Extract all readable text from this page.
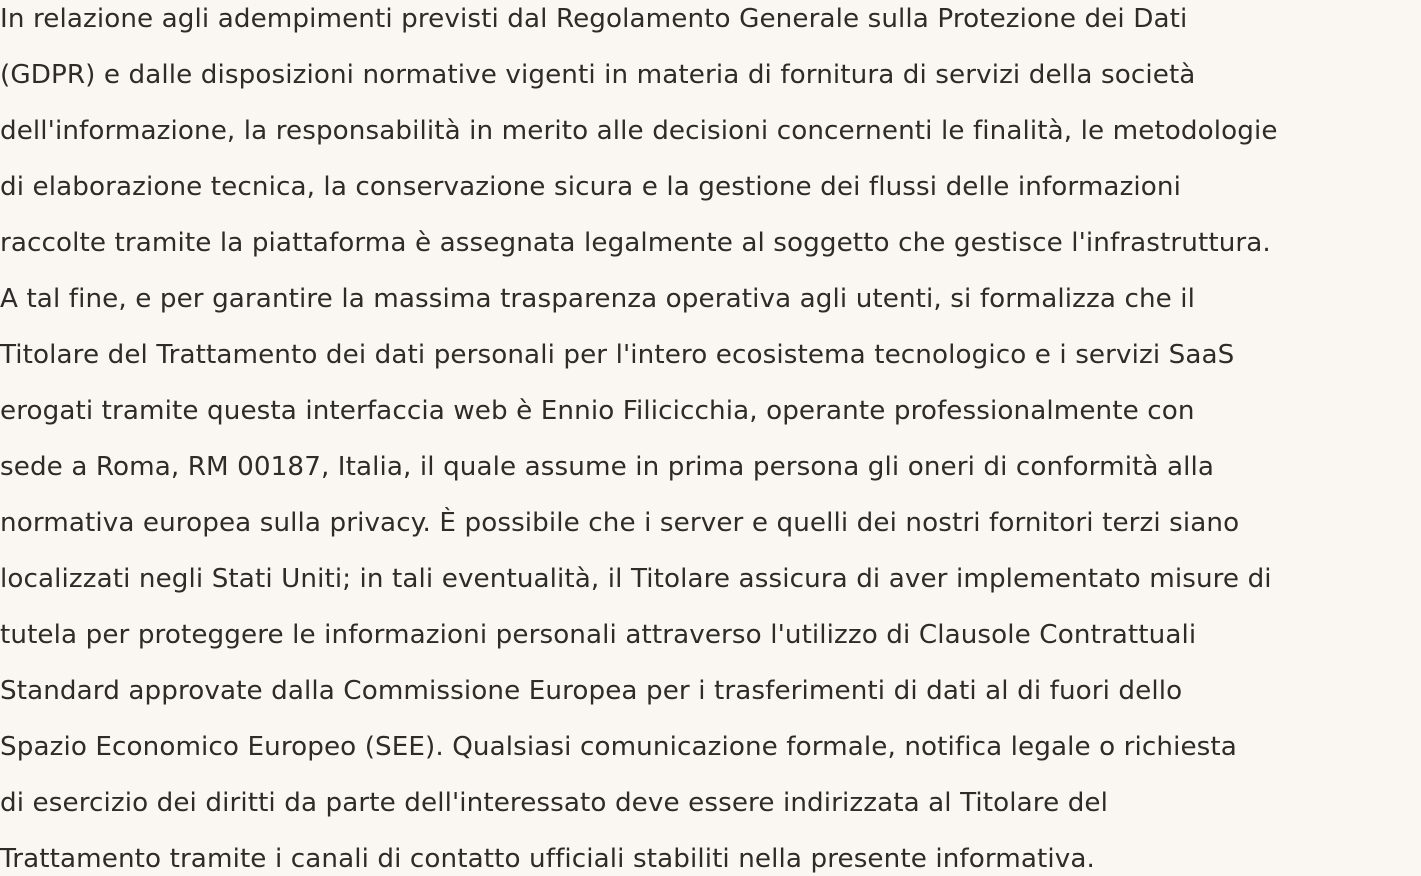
In relazione agli adempimenti previsti dal Regolamento Generale sulla Protezione dei Dati
(GDPR) e dalle disposizioni normative vigenti in materia di fornitura di servizi della società
dell'informazione, la responsabilità in merito alle decisioni concernenti le finalità, le metodologie
di elaborazione tecnica, la conservazione sicura e la gestione dei flussi delle informazioni
raccolte tramite la piattaforma è assegnata legalmente al soggetto che gestisce l'infrastruttura.
A tal fine, e per garantire la massima trasparenza operativa agli utenti, si formalizza che il
Titolare del Trattamento dei dati personali per l'intero ecosistema tecnologico e i servizi SaaS
erogati tramite questa interfaccia web è Ennio Filicicchia, operante professionalmente con
sede a Roma, RM 00187, Italia, il quale assume in prima persona gli oneri di conformità alla
normativa europea sulla privacy. È possibile che i server e quelli dei nostri fornitori terzi siano
localizzati negli Stati Uniti; in tali eventualità, il Titolare assicura di aver implementato misure di
tutela per proteggere le informazioni personali attraverso l'utilizzo di Clausole Contrattuali
Standard approvate dalla Commissione Europea per i trasferimenti di dati al di fuori dello
Spazio Economico Europeo (SEE). Qualsiasi comunicazione formale, notifica legale o richiesta
di esercizio dei diritti da parte dell'interessato deve essere indirizzata al Titolare del
Trattamento tramite i canali di contatto ufficiali stabiliti nella presente informativa.
